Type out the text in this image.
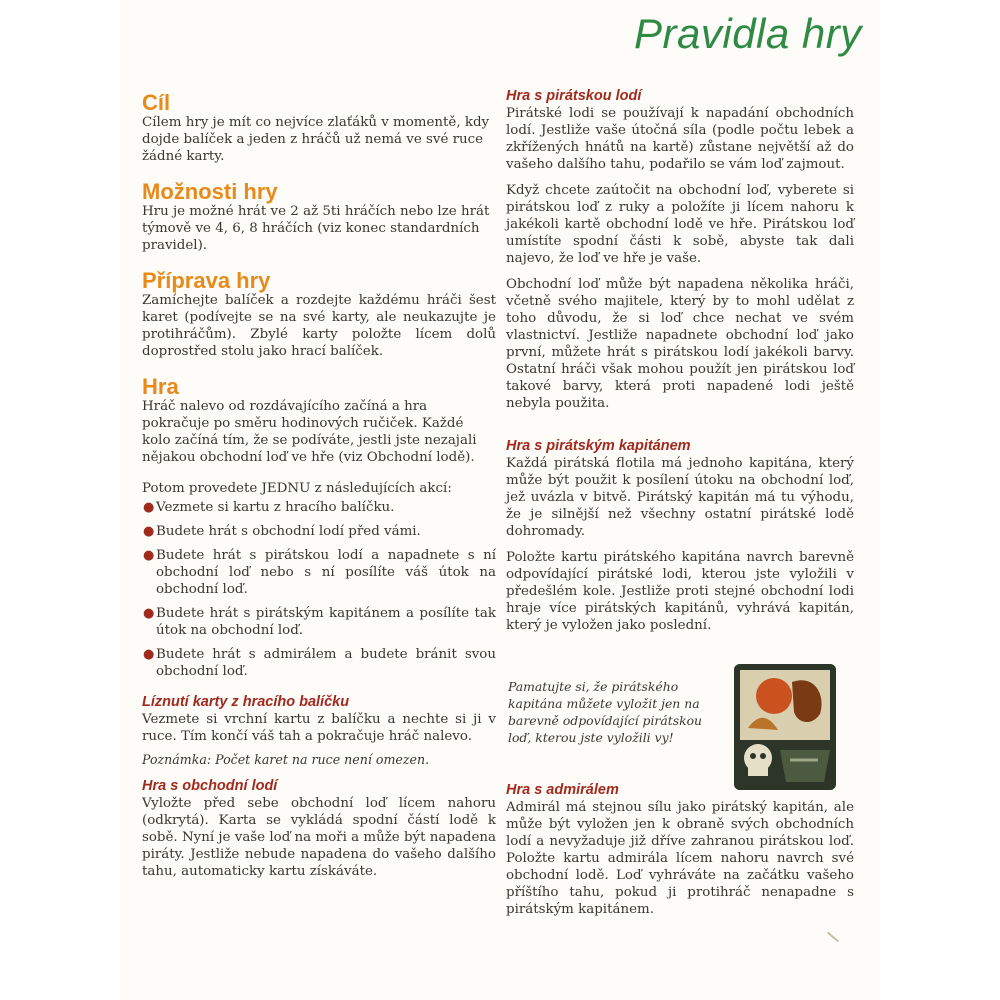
Pravidla hry
Cíl

Cílem hry je mít co nejvíce zlaťáků v momentě, kdy dojde balíček a jeden z hráčů už nemá ve své ruce žádné karty.

Možnosti hry

Hru je možné hrát ve 2 až 5ti hráčích nebo lze hrát týmově ve 4, 6, 8 hráčích (viz konec standardních pravidel).

Příprava hry

Zamíchejte balíček a rozdejte každému hráči šest karet (podívejte se na své karty, ale neukazujte je protihráčům). Zbylé karty položte lícem dolů doprostřed stolu jako hrací balíček.

Hra

Hráč nalevo od rozdávajícího začíná a hra pokračuje po směru hodinových ručiček. Každé kolo začíná tím, že se podíváte, jestli jste nezajali nějakou obchodní loď ve hře (viz Obchodní lodě).

Potom provedete JEDNU z následujících akcí:

● Vezmete si kartu z hracího balíčku.
● Budete hrát s obchodní lodí před vámi.
● Budete hrát s pirátskou lodí a napadnete s ní obchodní loď nebo s ní posílíte váš útok na obchodní loď.
● Budete hrát s pirátským kapitánem a posílíte tak útok na obchodní loď.
● Budete hrát s admirálem a budete bránit svou obchodní loď.
Líznutí karty z hracího balíčku

Vezmete si vrchní kartu z balíčku a nechte si ji v ruce. Tím končí váš tah a pokračuje hráč nalevo.

Poznámka: Počet karet na ruce není omezen.

Hra s obchodní lodí

Vyložte před sebe obchodní loď lícem nahoru (odkrytá). Karta se vykládá spodní částí lodě k sobě. Nyní je vaše loď na moři a může být napadena piráty. Jestliže nebude napadena do vašeho dalšího tahu, automaticky kartu získáváte.

Hra s pirátskou lodí

Pirátské lodi se používají k napadání obchodních lodí. Jestliže vaše útočná síla (podle počtu lebek a zkřížených hnátů na kartě) zůstane největší až do vašeho dalšího tahu, podařilo se vám loď zajmout.

Když chcete zaútočit na obchodní loď, vyberete si pirátskou loď z ruky a položíte ji lícem nahoru k jakékoli kartě obchodní lodě ve hře. Pirátskou loď umístíte spodní části k sobě, abyste tak dali najevo, že loď ve hře je vaše.

Obchodní loď může být napadena několika hráči, včetně svého majitele, který by to mohl udělat z toho důvodu, že si loď chce nechat ve svém vlastnictví. Jestliže napadnete obchodní loď jako první, můžete hrát s pirátskou lodí jakékoli barvy. Ostatní hráči však mohou použít jen pirátskou loď takové barvy, která proti napadené lodi ještě nebyla použita.

Hra s pirátským kapitánem

Každá pirátská flotila má jednoho kapitána, který může být použit k posílení útoku na obchodní loď, jež uvázla v bitvě. Pirátský kapitán má tu výhodu, že je silnější než všechny ostatní pirátské lodě dohromady.

Položte kartu pirátského kapitána navrch barevně odpovídající pirátské lodi, kterou jste vyložili v předešlém kole. Jestliže proti stejné obchodní lodi hraje více pirátských kapitánů, vyhrává kapitán, který je vyložen jako poslední.

Pamatujte si, že pirátského kapitána můžete vyložit jen na barevně odpovídající pirátskou loď, kterou jste vyložili vy!
Hra s admirálem

Admirál má stejnou sílu jako pirátský kapitán, ale může být vyložen jen k obraně svých obchodních lodí a nevyžaduje již dříve zahranou pirátskou loď. Položte kartu admirála lícem nahoru navrch své obchodní lodě. Loď vyhráváte na začátku vašeho příštího tahu, pokud ji protihráč nenapadne s pirátským kapitánem.
